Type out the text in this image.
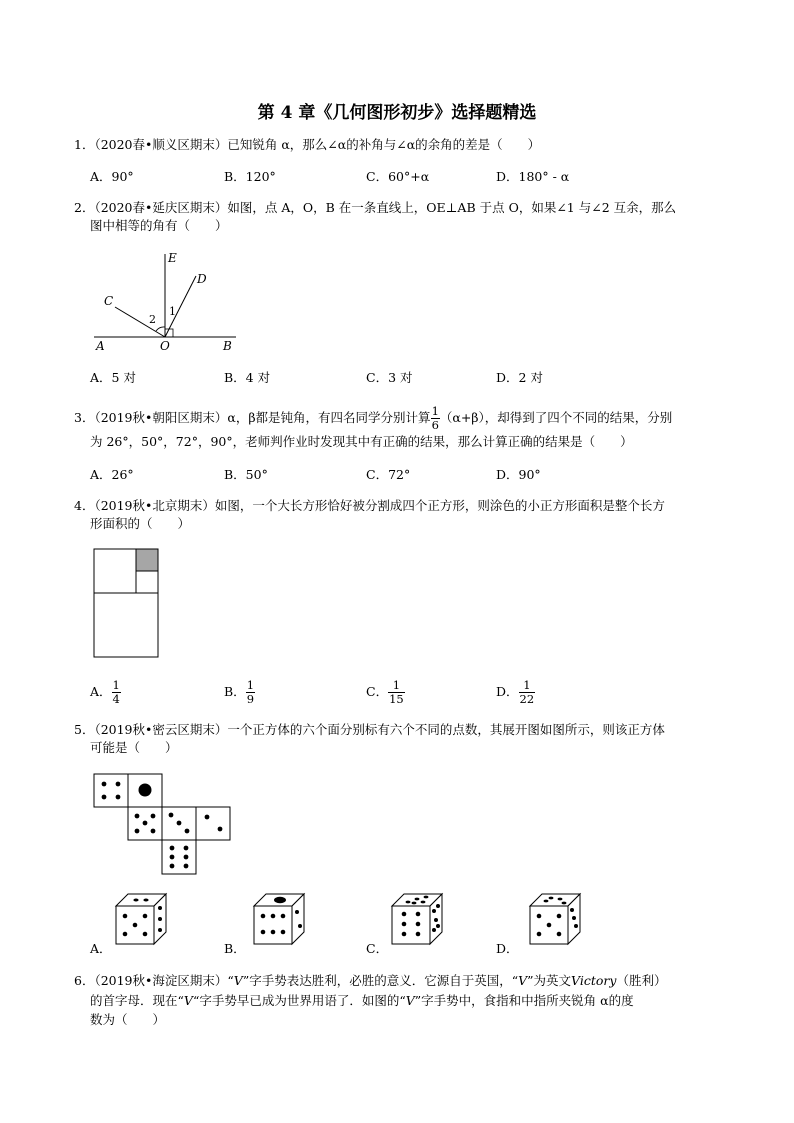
第 4 章《几何图形初步》选择题精选
1．（2020春•顺义区期末）已知锐角 α，那么∠α的补角与∠α的余角的差是（　　）
A．90°	B．120°	C．60°+α	D．180° - α
2．（2020春•延庆区期末）如图，点 A，O，B 在一条直线上，OE⊥AB 于点 O，如果∠1 与∠2 互余，那么
图中相等的角有（　　）
E
D
C
A	O	B
1
2
A．5 对	B．4 对	C．3 对	D．2 对
3．（2019秋•朝阳区期末）α，β都是钝角，有四名同学分别计算 $\frac{1}{6} (\alpha+\beta)$，却得到了四个不同的结果，分别
为 26°，50°，72°，90°，老师判作业时发现其中有正确的结果，那么计算正确的结果是（　　）
A．26°	B．50°	C．72°	D．90°
4．（2019秋•北京期末）如图，一个大长方形恰好被分割成四个正方形，则涂色的小正方形面积是整个长方
形面积的（　　）
A． $\frac{1}{4}$	B． $\frac{1}{9}$	C． $\frac{1}{15}$	D． $\frac{1}{22}$
5．（2019秋•密云区期末）一个正方体的六个面分别标有六个不同的点数，其展开图如图所示，则该正方体
可能是（　　）
A．	B．	C．	D．
6．（2019秋•海淀区期末）“V”字手势表达胜利，必胜的意义．它源自于英国，“V”为英文Victory（胜利）
的首字母．现在“V“字手势早已成为世界用语了．如图的“V”字手势中，食指和中指所夹锐角 α的度
数为（　　）
